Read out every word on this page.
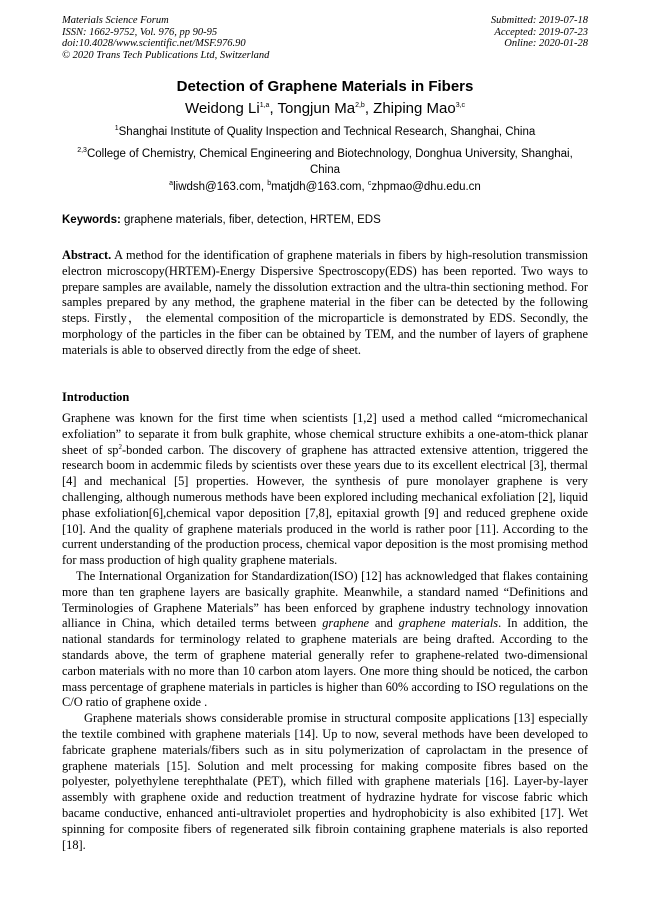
Materials Science Forum
ISSN: 1662-9752, Vol. 976, pp 90-95
doi:10.4028/www.scientific.net/MSF.976.90
© 2020 Trans Tech Publications Ltd, Switzerland
Submitted: 2019-07-18
Accepted: 2019-07-23
Online: 2020-01-28
Detection of Graphene Materials in Fibers
Weidong Li$^{1,a}$, Tongjun Ma$^{2,b}$, Zhiping Mao$^{3,c}$
$^1$Shanghai Institute of Quality Inspection and Technical Research, Shanghai, China
$^{2,3}$College of Chemistry, Chemical Engineering and Biotechnology, Donghua University, Shanghai, China
$^a$liwdsh@163.com, $^b$matjdh@163.com, $^c$zhpmao@dhu.edu.cn
Keywords: graphene materials, fiber, detection, HRTEM, EDS

Abstract. A method for the identification of graphene materials in fibers by high-resolution transmission electron microscopy(HRTEM)-Energy Dispersive Spectroscopy(EDS) has been reported. Two ways to prepare samples are available, namely the dissolution extraction and the ultra-thin sectioning method. For samples prepared by any method, the graphene material in the fiber can be detected by the following steps. Firstly， the elemental composition of the microparticle is demonstrated by EDS. Secondly, the morphology of the particles in the fiber can be obtained by TEM, and the number of layers of graphene materials is able to observed directly from the edge of sheet.

Introduction

Graphene was known for the first time when scientists [1,2] used a method called “micromechanical exfoliation” to separate it from bulk graphite, whose chemical structure exhibits a one-atom-thick planar sheet of $sp^2$-bonded carbon. The discovery of graphene has attracted extensive attention, triggered the research boom in acdemmic fileds by scientists over these years due to its excellent electrical [3], thermal [4] and mechanical [5] properties. However, the synthesis of pure monolayer graphene is very challenging, although numerous methods have been explored including mechanical exfoliation [2], liquid phase exfoliation[6],chemical vapor deposition [7,8], epitaxial growth [9] and reduced grephene oxide [10]. And the quality of graphene materials produced in the world is rather poor [11]. According to the current understanding of the production process, chemical vapor deposition is the most promising method for mass production of high quality graphene materials.

The International Organization for Standardization(ISO) [12] has acknowledged that flakes containing more than ten graphene layers are basically graphite. Meanwhile, a standard named “Definitions and Terminologies of Graphene Materials” has been enforced by graphene industry technology innovation alliance in China, which detailed terms between graphene and graphene materials. In addition, the national standards for terminology related to graphene materials are being drafted. According to the standards above, the term of graphene material generally refer to graphene-related two-dimensional carbon materials with no more than 10 carbon atom layers. One more thing should be noticed, the carbon mass percentage of graphene materials in particles is higher than 60% according to ISO regulations on the C/O ratio of graphene oxide .

Graphene materials shows considerable promise in structural composite applications [13] especially the textile combined with graphene materials [14]. Up to now, several methods have been developed to fabricate graphene materials/fibers such as in situ polymerization of caprolactam in the presence of graphene materials [15]. Solution and melt processing for making composite fibres based on the polyester, polyethylene terephthalate (PET), which filled with graphene materials [16]. Layer-by-layer assembly with graphene oxide and reduction treatment of hydrazine hydrate for viscose fabric which bacame conductive, enhanced anti-ultraviolet properties and hydrophobicity is also exhibited [17]. Wet spinning for composite fibers of regenerated silk fibroin containing graphene materials is also reported [18].
